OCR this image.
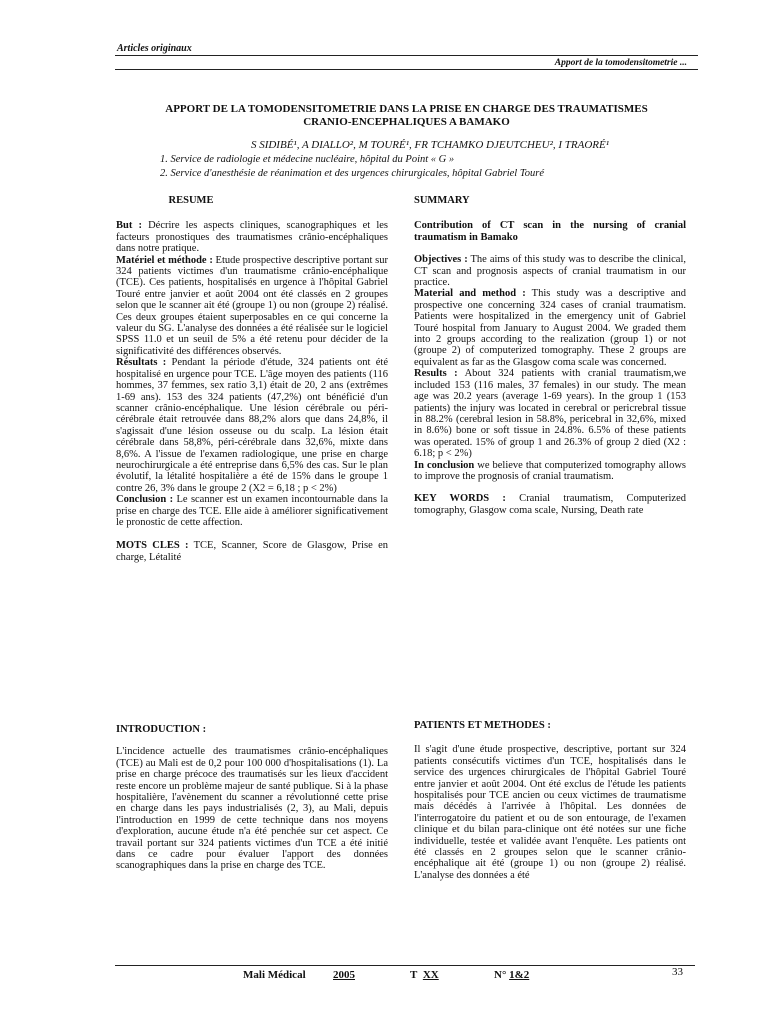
Articles originaux
Apport de la tomodensitometrie ...
APPORT DE LA TOMODENSITOMETRIE DANS LA PRISE EN CHARGE DES TRAUMATISMES
CRANIO-ENCEPHALIQUES A BAMAKO
S SIDIBÉ¹, A DIALLO², M TOURÉ¹, FR TCHAMKO DJEUTCHEU², I TRAORÉ¹
1. Service de radiologie et médecine nucléaire, hôpital du Point « G »
2. Service d'anesthésie de réanimation et des urgences chirurgicales, hôpital Gabriel Touré
RESUME

But : Décrire les aspects cliniques, scanographiques et les facteurs pronostiques des traumatismes crânio-encéphaliques dans notre pratique.

Matériel et méthode : Etude prospective descriptive portant sur 324 patients victimes d'un traumatisme crânio-encéphalique (TCE). Ces patients, hospitalisés en urgence à l'hôpital Gabriel Touré entre janvier et août 2004 ont été classés en 2 groupes selon que le scanner ait été (groupe 1) ou non (groupe 2) réalisé. Ces deux groupes étaient superposables en ce qui concerne la valeur du SG. L'analyse des données a été réalisée sur le logiciel SPSS 11.0 et un seuil de 5% a été retenu pour décider de la significativité des différences observés.

Résultats : Pendant la période d'étude, 324 patients ont été hospitalisé en urgence pour TCE. L'âge moyen des patients (116 hommes, 37 femmes, sex ratio 3,1) était de 20, 2 ans (extrêmes 1-69 ans). 153 des 324 patients (47,2%) ont bénéficié d'un scanner crânio-encéphalique. Une lésion cérébrale ou péri-cérébrale était retrouvée dans 88,2% alors que dans 24,8%, il s'agissait d'une lésion osseuse ou du scalp. La lésion était cérébrale dans 58,8%, péri-cérébrale dans 32,6%, mixte dans 8,6%. A l'issue de l'examen radiologique, une prise en charge neurochirurgicale a été entreprise dans 6,5% des cas. Sur le plan évolutif, la létalité hospitalière a été de 15% dans le groupe 1 contre 26, 3% dans le groupe 2 (X2 = 6,18 ; p < 2%)

Conclusion : Le scanner est un examen incontournable dans la prise en charge des TCE. Elle aide à améliorer significativement le pronostic de cette affection.

MOTS CLES : TCE, Scanner, Score de Glasgow, Prise en charge, Létalité

SUMMARY

Contribution of CT scan in the nursing of cranial traumatism in Bamako

Objectives : The aims of this study was to describe the clinical, CT scan and prognosis aspects of cranial traumatism in our practice.

Material and method : This study was a descriptive and prospective one concerning 324 cases of cranial traumatism. Patients were hospitalized in the emergency unit of Gabriel Touré hospital from January to August 2004. We graded them into 2 groups according to the realization (group 1) or not (groupe 2) of computerized tomography. These 2 groups are equivalent as far as the Glasgow coma scale was concerned.

Results : About 324 patients with cranial traumatism,we included 153 (116 males, 37 females) in our study. The mean age was 20.2 years (average 1-69 years). In the group 1 (153 patients) the injury was located in cerebral or pericrebral tissue in 88.2% (cerebral lesion in 58.8%, pericebral in 32,6%, mixed in 8.6%) bone or soft tissue in 24.8%. 6.5% of these patients was operated. 15% of group 1 and 26.3% of group 2 died (X2 : 6.18; p < 2%)

In conclusion we believe that computerized tomography allows to improve the prognosis of cranial traumatism.

KEY WORDS : Cranial traumatism, Computerized tomography, Glasgow coma scale, Nursing, Death rate

INTRODUCTION :

L'incidence actuelle des traumatismes crânio-encéphaliques (TCE) au Mali est de 0,2 pour 100 000 d'hospitalisations (1). La prise en charge précoce des traumatisés sur les lieux d'accident reste encore un problème majeur de santé publique. Si à la phase hospitalière, l'avènement du scanner a révolutionné cette prise en charge dans les pays industrialisés (2, 3), au Mali, depuis l'introduction en 1999 de cette technique dans nos moyens d'exploration, aucune étude n'a été penchée sur cet aspect. Ce travail portant sur 324 patients victimes d'un TCE a été initié dans ce cadre pour évaluer l'apport des données scanographiques dans la prise en charge des TCE.

PATIENTS ET METHODES :

Il s'agit d'une étude prospective, descriptive, portant sur 324 patients consécutifs victimes d'un TCE, hospitalisés dans le service des urgences chirurgicales de l'hôpital Gabriel Touré entre janvier et août 2004. Ont été exclus de l'étude les patients hospitalisés pour TCE ancien ou ceux victimes de traumatisme mais décédés à l'arrivée à l'hôpital. Les données de l'interrogatoire du patient et ou de son entourage, de l'examen clinique et du bilan para-clinique ont été notées sur une fiche individuelle, testée et validée avant l'enquête. Les patients ont été classés en 2 groupes selon que le scanner crânio-encéphalique ait été (groupe 1) ou non (groupe 2) réalisé. L'analyse des données a été

Mali Médical 2005	T XX	N° 1&2	33
